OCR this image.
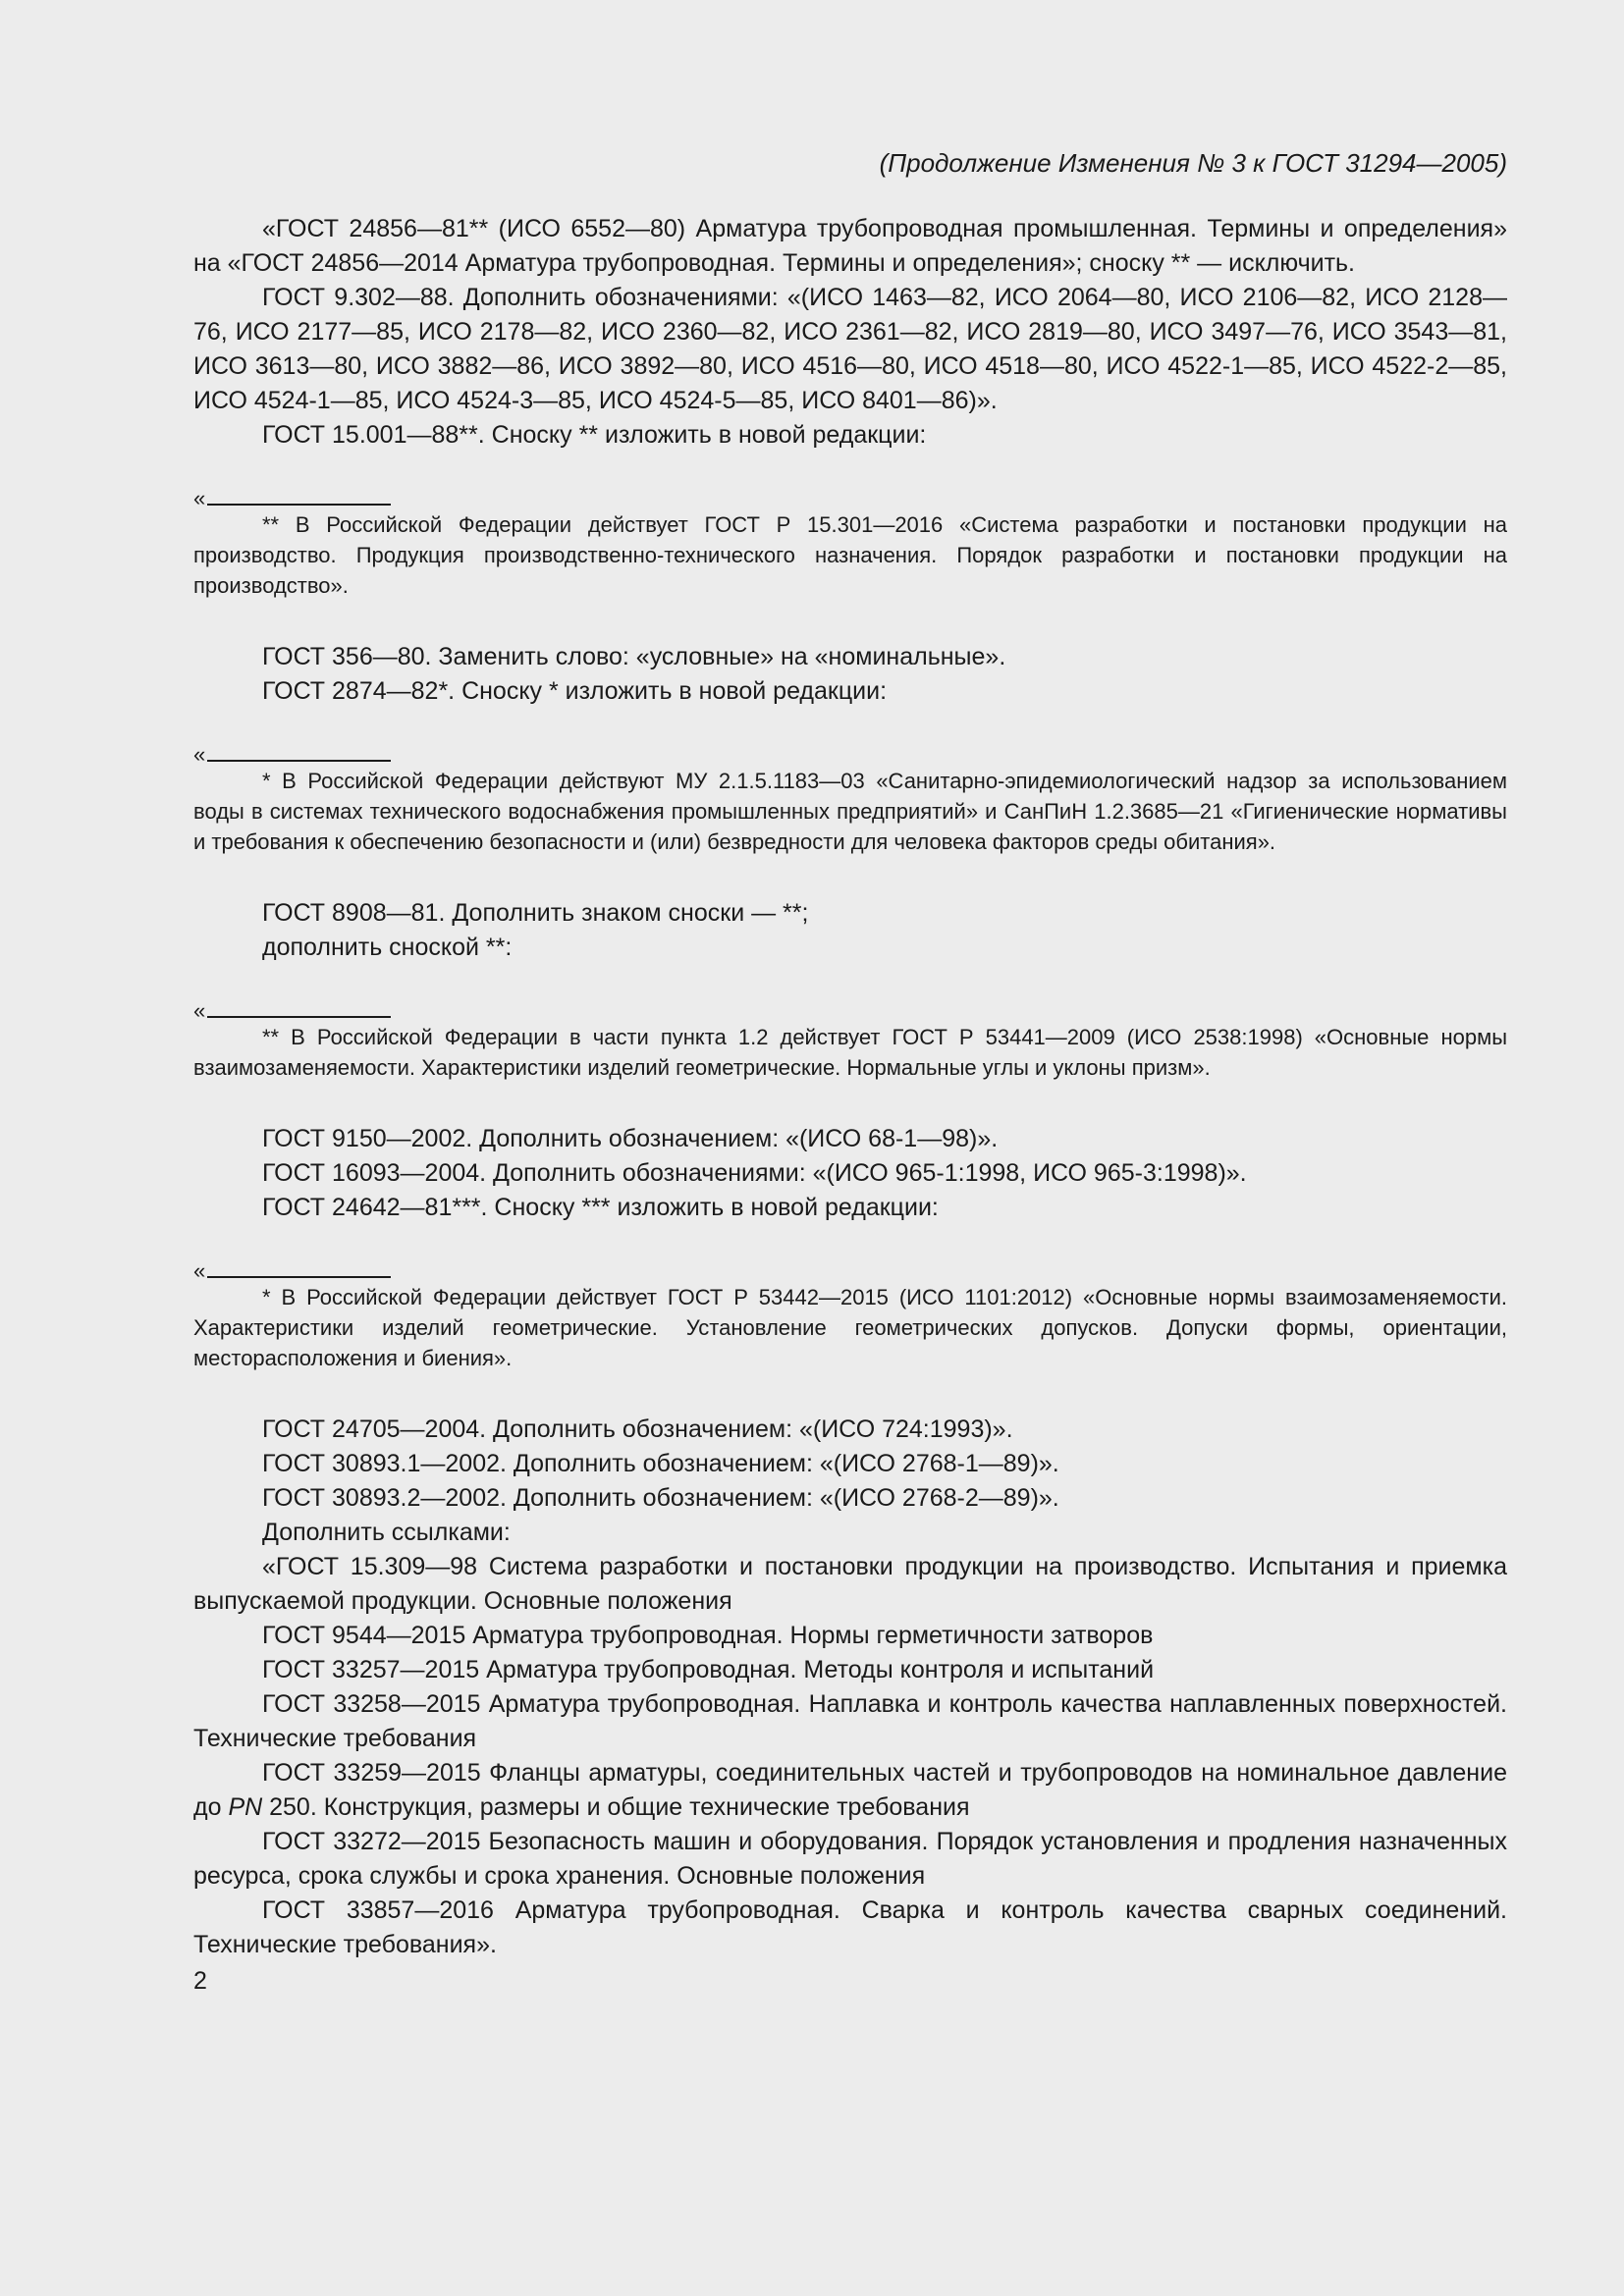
(Продолжение Изменения № 3 к ГОСТ 31294—2005)

«ГОСТ 24856—81** (ИСО 6552—80) Арматура трубопроводная промышленная. Термины и определения» на «ГОСТ 24856—2014 Арматура трубопроводная. Термины и определения»; сноску ** — исключить.

ГОСТ 9.302—88. Дополнить обозначениями: «(ИСО 1463—82, ИСО 2064—80, ИСО 2106—82, ИСО 2128—76, ИСО 2177—85, ИСО 2178—82, ИСО 2360—82, ИСО 2361—82, ИСО 2819—80, ИСО 3497—76, ИСО 3543—81, ИСО 3613—80, ИСО 3882—86, ИСО 3892—80, ИСО 4516—80, ИСО 4518—80, ИСО 4522-1—85, ИСО 4522-2—85, ИСО 4524-1—85, ИСО 4524-3—85, ИСО 4524-5—85, ИСО 8401—86)».

ГОСТ 15.001—88**. Сноску ** изложить в новой редакции:

«

** В Российской Федерации действует ГОСТ Р 15.301—2016 «Система разработки и постановки продукции на производство. Продукция производственно-технического назначения. Порядок разработки и постановки продукции на производство».

ГОСТ 356—80. Заменить слово: «условные» на «номинальные».

ГОСТ 2874—82*. Сноску * изложить в новой редакции:

«

* В Российской Федерации действуют МУ 2.1.5.1183—03 «Санитарно-эпидемиологический надзор за использованием воды в системах технического водоснабжения промышленных предприятий» и СанПиН 1.2.3685—21 «Гигиенические нормативы и требования к обеспечению безопасности и (или) безвредности для человека факторов среды обитания».

ГОСТ 8908—81. Дополнить знаком сноски — **;

дополнить сноской **:

«

** В Российской Федерации в части пункта 1.2 действует ГОСТ Р 53441—2009 (ИСО 2538:1998) «Основные нормы взаимозаменяемости. Характеристики изделий геометрические. Нормальные углы и уклоны призм».

ГОСТ 9150—2002. Дополнить обозначением: «(ИСО 68-1—98)».

ГОСТ 16093—2004. Дополнить обозначениями: «(ИСО 965-1:1998, ИСО 965-3:1998)».

ГОСТ 24642—81***. Сноску *** изложить в новой редакции:

«

* В Российской Федерации действует ГОСТ Р 53442—2015 (ИСО 1101:2012) «Основные нормы взаимозаменяемости. Характеристики изделий геометрические. Установление геометрических допусков. Допуски формы, ориентации, месторасположения и биения».

ГОСТ 24705—2004. Дополнить обозначением: «(ИСО 724:1993)».

ГОСТ 30893.1—2002. Дополнить обозначением: «(ИСО 2768-1—89)».

ГОСТ 30893.2—2002. Дополнить обозначением: «(ИСО 2768-2—89)».

Дополнить ссылками:

«ГОСТ 15.309—98 Система разработки и постановки продукции на производство. Испытания и приемка выпускаемой продукции. Основные положения

ГОСТ 9544—2015 Арматура трубопроводная. Нормы герметичности затворов

ГОСТ 33257—2015 Арматура трубопроводная. Методы контроля и испытаний

ГОСТ 33258—2015 Арматура трубопроводная. Наплавка и контроль качества наплавленных поверхностей. Технические требования

ГОСТ 33259—2015 Фланцы арматуры, соединительных частей и трубопроводов на номинальное давление до PN 250. Конструкция, размеры и общие технические требования

ГОСТ 33272—2015 Безопасность машин и оборудования. Порядок установления и продления назначенных ресурса, срока службы и срока хранения. Основные положения

ГОСТ 33857—2016 Арматура трубопроводная. Сварка и контроль качества сварных соединений. Технические требования».

2
